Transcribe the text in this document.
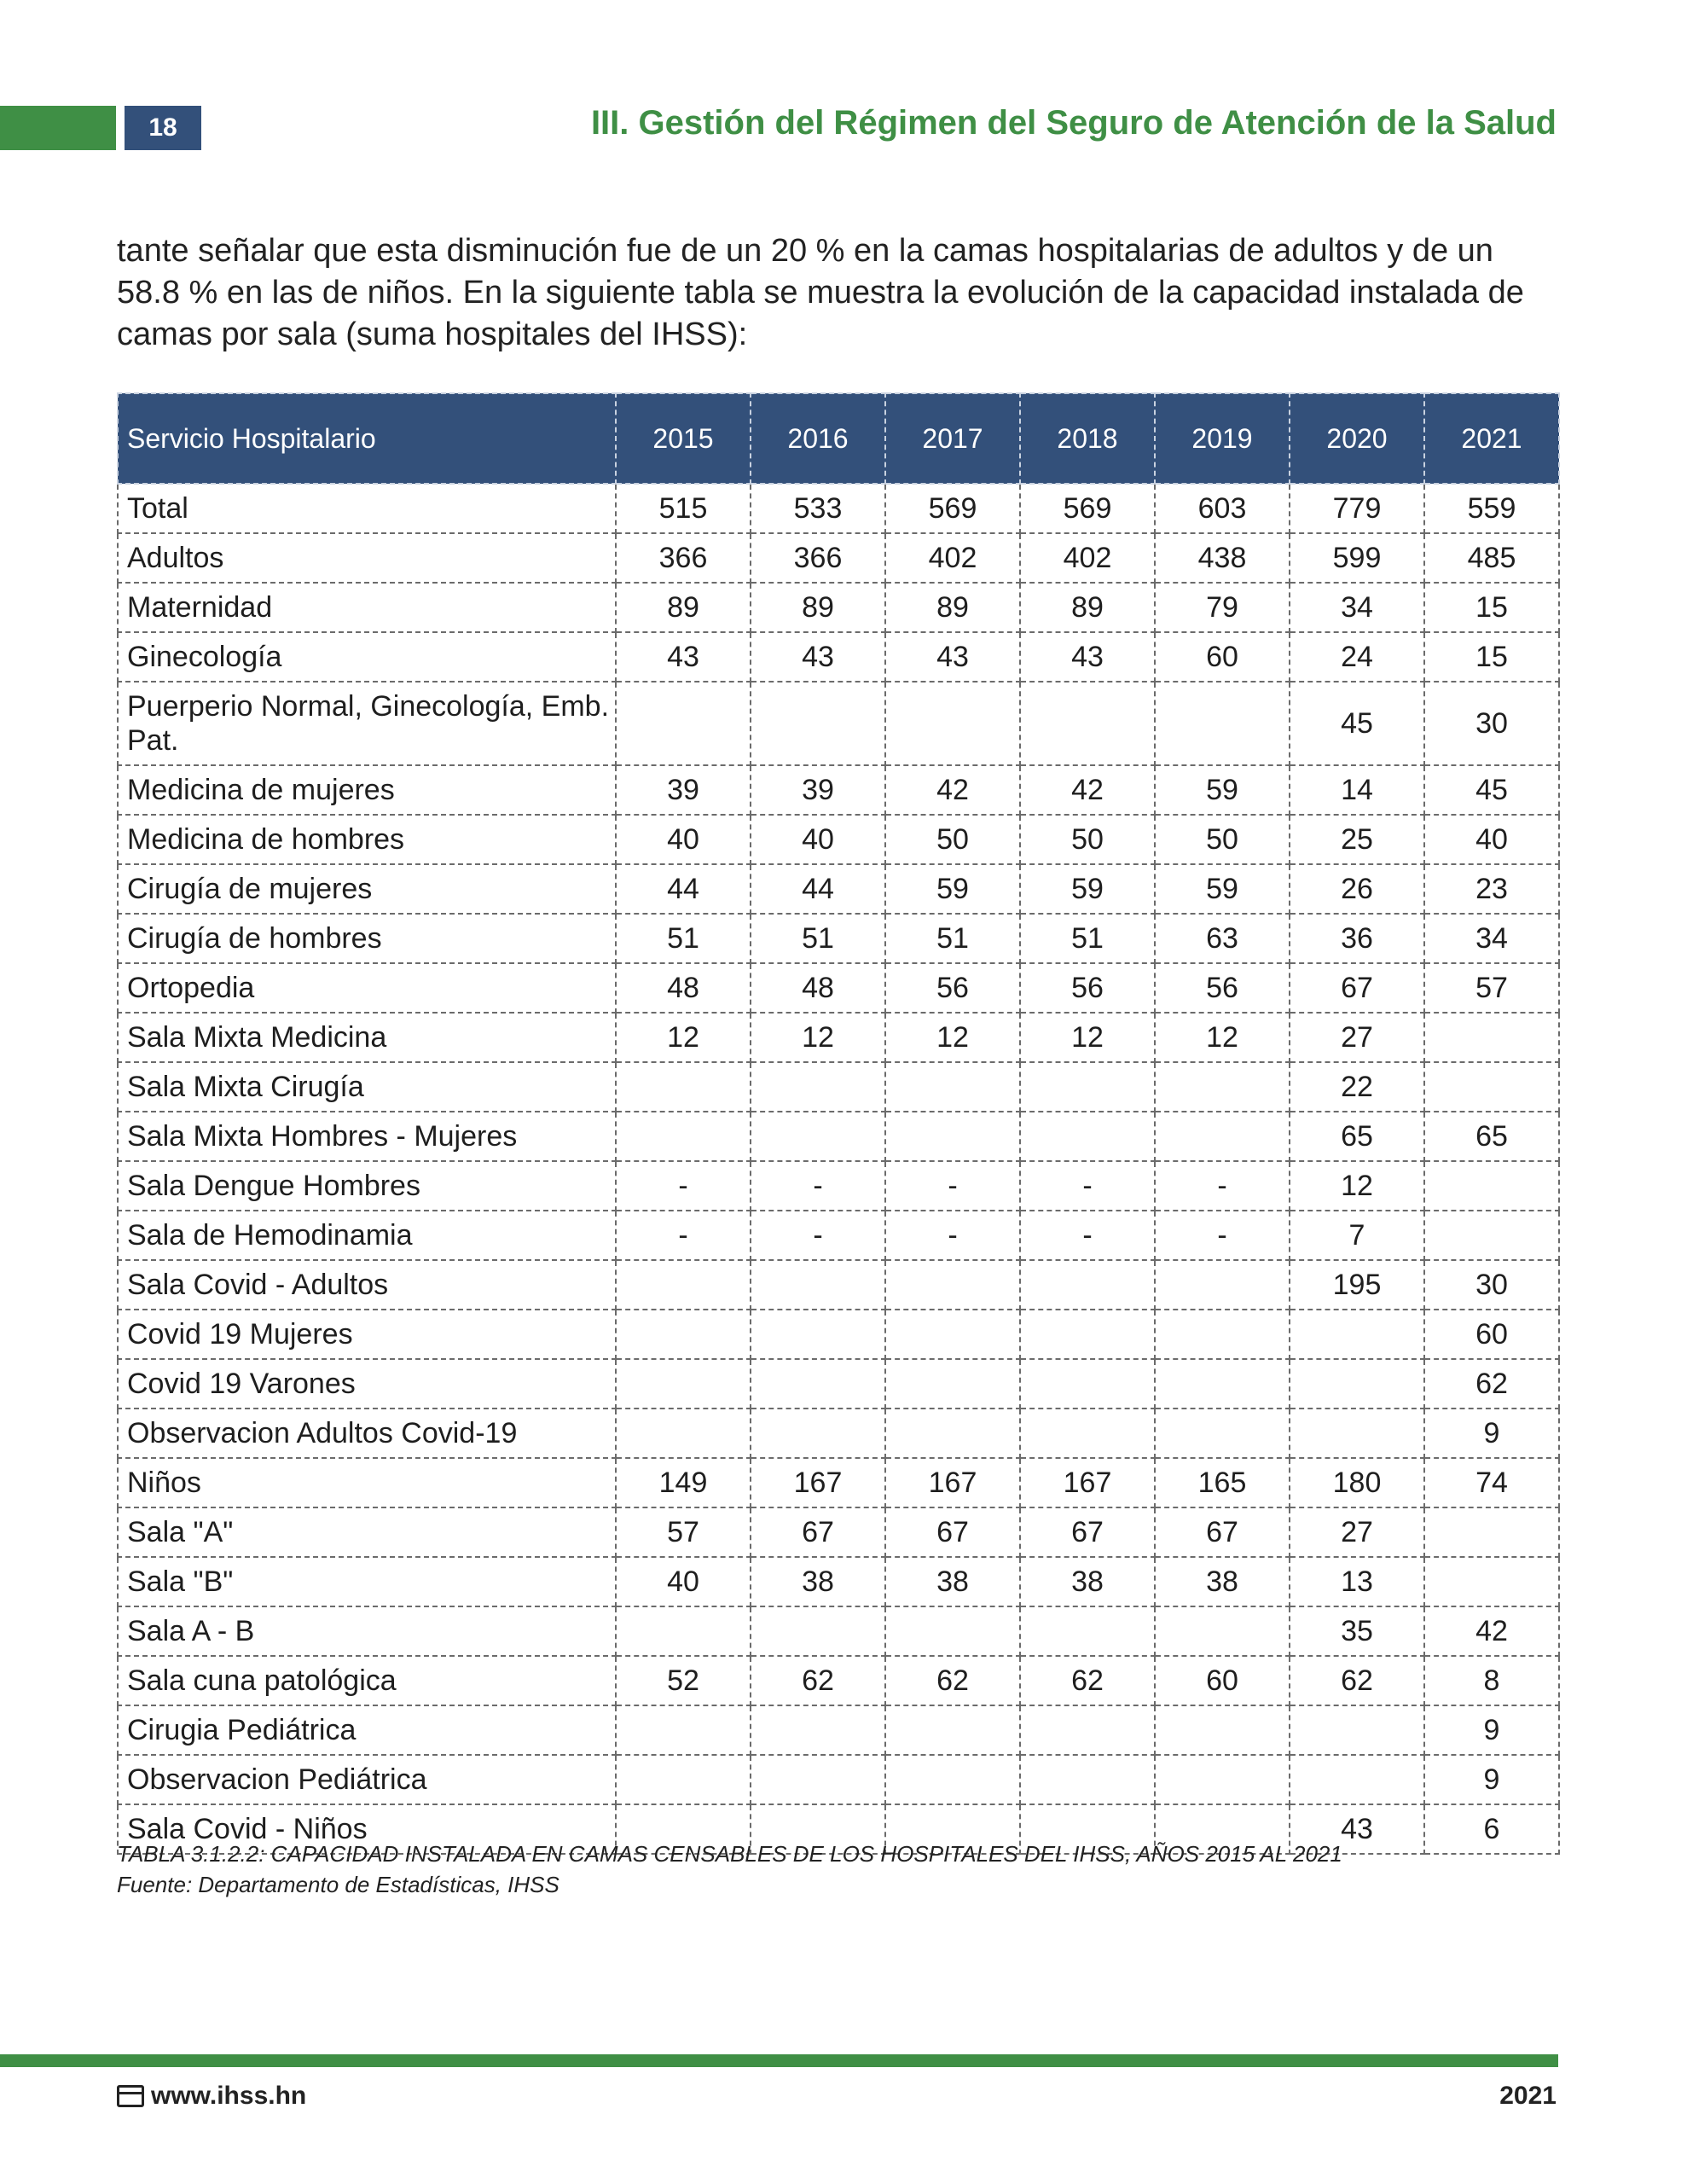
18	III. Gestión del Régimen del Seguro de Atención de la Salud
tante señalar que esta disminución fue de un 20 % en la camas hospitalarias de adultos y de un 58.8 % en las de niños. En la siguiente tabla se muestra la evolución de la capacidad instalada de camas por sala (suma hospitales del IHSS):
Servicio Hospitalario	2015	2016	2017	2018	2019	2020	2021
Total	515	533	569	569	603	779	559
Adultos	366	366	402	402	438	599	485
Maternidad	89	89	89	89	79	34	15
Ginecología	43	43	43	43	60	24	15
Puerperio Normal, Ginecología, Emb. Pat.						45	30
Medicina de mujeres	39	39	42	42	59	14	45
Medicina de hombres	40	40	50	50	50	25	40
Cirugía de mujeres	44	44	59	59	59	26	23
Cirugía de hombres	51	51	51	51	63	36	34
Ortopedia	48	48	56	56	56	67	57
Sala Mixta Medicina	12	12	12	12	12	27	
Sala Mixta Cirugía						22	
Sala Mixta Hombres - Mujeres						65	65
Sala Dengue Hombres	-	-	-	-	-	12	
Sala de Hemodinamia	-	-	-	-	-	7	
Sala Covid - Adultos						195	30
Covid 19 Mujeres							60
Covid 19 Varones							62
Observacion Adultos Covid-19							9
Niños	149	167	167	167	165	180	74
Sala "A"	57	67	67	67	67	27	
Sala "B"	40	38	38	38	38	13	
Sala A - B						35	42
Sala cuna patológica	52	62	62	62	60	62	8
Cirugia Pediátrica							9
Observacion Pediátrica							9
Sala Covid - Niños						43	6
TABLA 3.1.2.2: CAPACIDAD INSTALADA EN CAMAS CENSABLES DE LOS HOSPITALES DEL IHSS, AÑOS 2015 AL 2021
Fuente: Departamento de Estadísticas, IHSS
www.ihss.hn	2021
